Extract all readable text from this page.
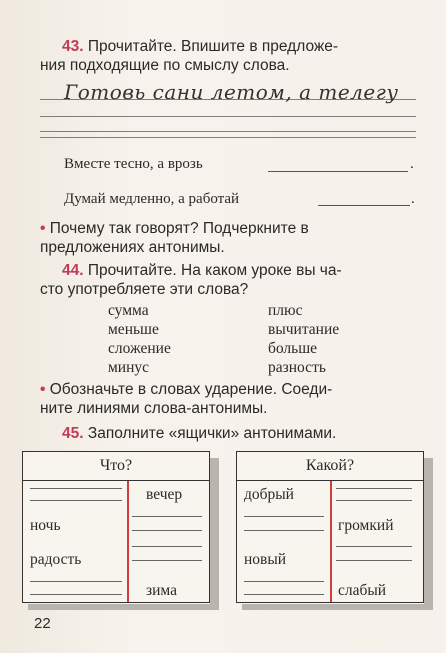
43. Прочитайте. Впишите в предложе-
ния подходящие по смыслу слова.
Готовь сани летом, а телегу
Вместе тесно, а врозь	.
Думай медленно, а работай	.
• Почему так говорят? Подчеркните в
предложениях антонимы.
44. Прочитайте. На каком уроке вы ча-
сто употребляете эти слова?
сумма
меньше
сложение
минус
плюс
вычитание
больше
разность
• Обозначьте в словах ударение. Соеди-
ните линиями слова-антонимы.
45. Заполните «ящички» антонимами.
Что?
вечер
ночь
радость
зима
Какой?
добрый
громкий
новый
слабый
22
